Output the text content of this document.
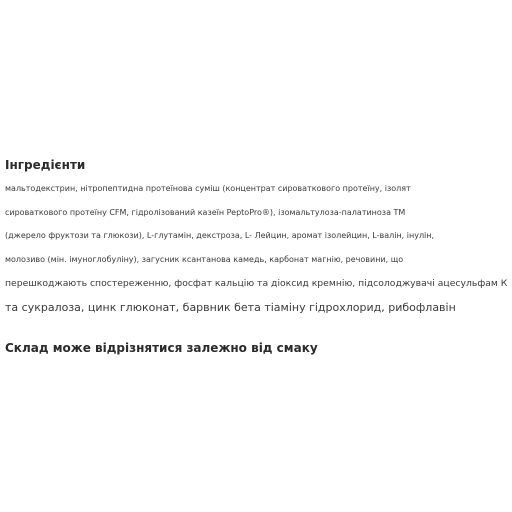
Інгредієнти
мальтодекстрин, нітропептидна протеїнова суміш (концентрат сироваткового протеїну, ізолят
сироваткового протеїну CFM, гідролізований казеїн PeptoPro®), ізомальтулоза-палатиноза ТМ
(джерело фруктози та глюкози), L-глутамін, декстроза, L- Лейцин, аромат ізолейцин, L-валін, інулін,
молозиво (мін. імуноглобуліну), загусник ксантанова камедь, карбонат магнію, речовини, що
перешкоджають спостереженню, фосфат кальцію та діоксид кремнію, підсолоджувачі ацесульфам К
та сукралоза, цинк глюконат, барвник бета тіаміну гідрохлорид, рибофлавін
Склад може відрізнятися залежно від смаку
